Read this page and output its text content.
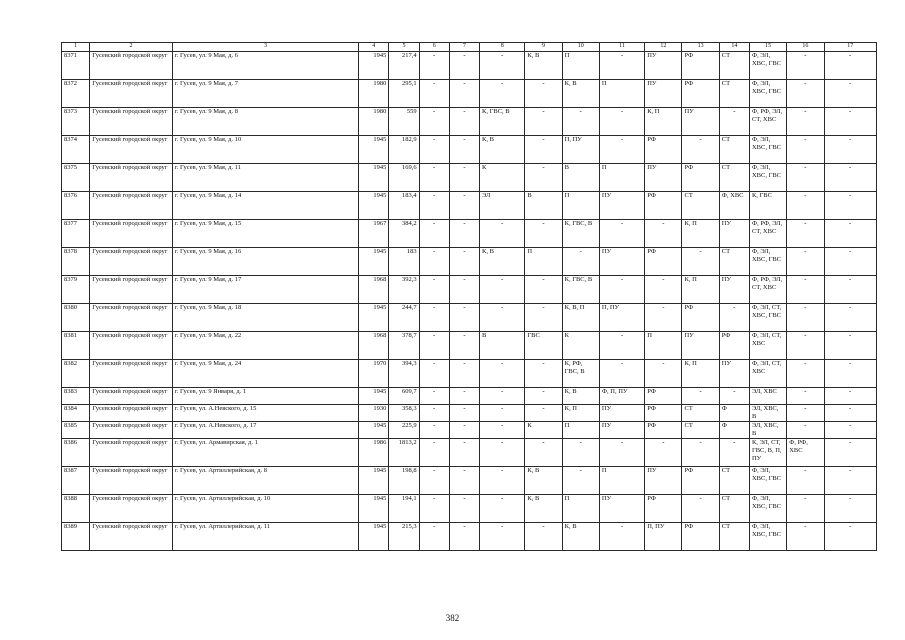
1	2	3	4	5	6	7	8	9	10	11	12	13	14	15	16	17
8371	Гусевский городской округ	г. Гусев, ул. 9 Мая, д. 6	1945	217,4	-	-	-	К, В	П	-	ПУ	РФ	СТ	Ф, ЭЛ, ХВС, ГВС	-	-
8372	Гусевский городской округ	г. Гусев, ул. 9 Мая, д. 7	1980	295,1	-	-	-	-	К, В	П	ПУ	РФ	СТ	Ф, ЭЛ, ХВС, ГВС	-	-
8373	Гусевский городской округ	г. Гусев, ул. 9 Мая, д. 8	1980	559	-	-	К, ГВС, В	-	-	-	К, П	ПУ	-	Ф, РФ, ЭЛ, СТ, ХВС	-	-
8374	Гусевский городской округ	г. Гусев, ул. 9 Мая, д. 10	1945	182,9	-	-	К, В	-	П, ПУ	-	РФ	-	СТ	Ф, ЭЛ, ХВС, ГВС	-	-
8375	Гусевский городской округ	г. Гусев, ул. 9 Мая, д. 11	1945	169,6	-	-	К	-	В	П	ПУ	РФ	СТ	Ф, ЭЛ, ХВС, ГВС	-	-
8376	Гусевский городской округ	г. Гусев, ул. 9 Мая, д. 14	1945	183,4	-	-	ЭЛ	В	П	ПУ	РФ	СТ	Ф, ХВС	К, ГВС	-	-
8377	Гусевский городской округ	г. Гусев, ул. 9 Мая, д. 15	1967	384,2	-	-	-	-	К, ГВС, В	-	-	К, П	ПУ	Ф, РФ, ЭЛ, СТ, ХВС	-	-
8378	Гусевский городской округ	г. Гусев, ул. 9 Мая, д. 16	1945	183	-	-	К, В	П	-	ПУ	РФ	-	СТ	Ф, ЭЛ, ХВС, ГВС	-	-
8379	Гусевский городской округ	г. Гусев, ул. 9 Мая, д. 17	1968	392,3	-	-	-	-	К, ГВС, В	-	-	К, П	ПУ	Ф, РФ, ЭЛ, СТ, ХВС	-	-
8380	Гусевский городской округ	г. Гусев, ул. 9 Мая, д. 18	1945	244,7	-	-	-	-	К, В, П	П, ПУ	-	РФ	-	Ф, ЭЛ, СТ, ХВС, ГВС	-	-
8381	Гусевский городской округ	г. Гусев, ул. 9 Мая, д. 22	1968	378,7	-	-	В	ГВС	К	-	П	ПУ	РФ	Ф, ЭЛ, СТ, ХВС	-	-
8382	Гусевский городской округ	г. Гусев, ул. 9 Мая, д. 24	1970	394,3	-	-	-	-	К, РФ, ГВС, В	-	-	К, П	ПУ	Ф, ЭЛ, СТ, ХВС	-	-
8383	Гусевский городской округ	г. Гусев, ул. 9 Января, д. 1	1945	609,7	-	-	-	-	К, В	Ф, П, ПУ	РФ	-	-	ЭЛ, ХВС	-	-
8384	Гусевский городской округ	г. Гусев, ул. А.Невского, д. 15	1930	358,3	-	-	-	-	К, П	ПУ	РФ	СТ	Ф	ЭЛ, ХВС, В	-	-
8385	Гусевский городской округ	г. Гусев, ул. А.Невского, д. 17	1945	225,9	-	-	-	К	П	ПУ	РФ	СТ	Ф	ЭЛ, ХВС, В	-	-
8386	Гусевский городской округ	г. Гусев, ул. Армавирская, д. 1	1986	1813,2	-	-	-	-	-	-	-	-	-	К, ЭЛ, СТ, ГВС, В, П, ПУ	Ф, РФ, ХВС	-
8387	Гусевский городской округ	г. Гусев, ул. Артиллерийская, д. 8	1945	198,8	-	-	-	К, В	-	П	ПУ	РФ	СТ	Ф, ЭЛ, ХВС, ГВС	-	-
8388	Гусевский городской округ	г. Гусев, ул. Артиллерийская, д. 10	1945	194,1	-	-	-	К, В	П	ПУ	РФ	-	СТ	Ф, ЭЛ, ХВС, ГВС	-	-
8389	Гусевский городской округ	г. Гусев, ул. Артиллерийская, д. 11	1945	215,3	-	-	-	-	К, В	-	П, ПУ	РФ	СТ	Ф, ЭЛ, ХВС, ГВС	-	-
382
